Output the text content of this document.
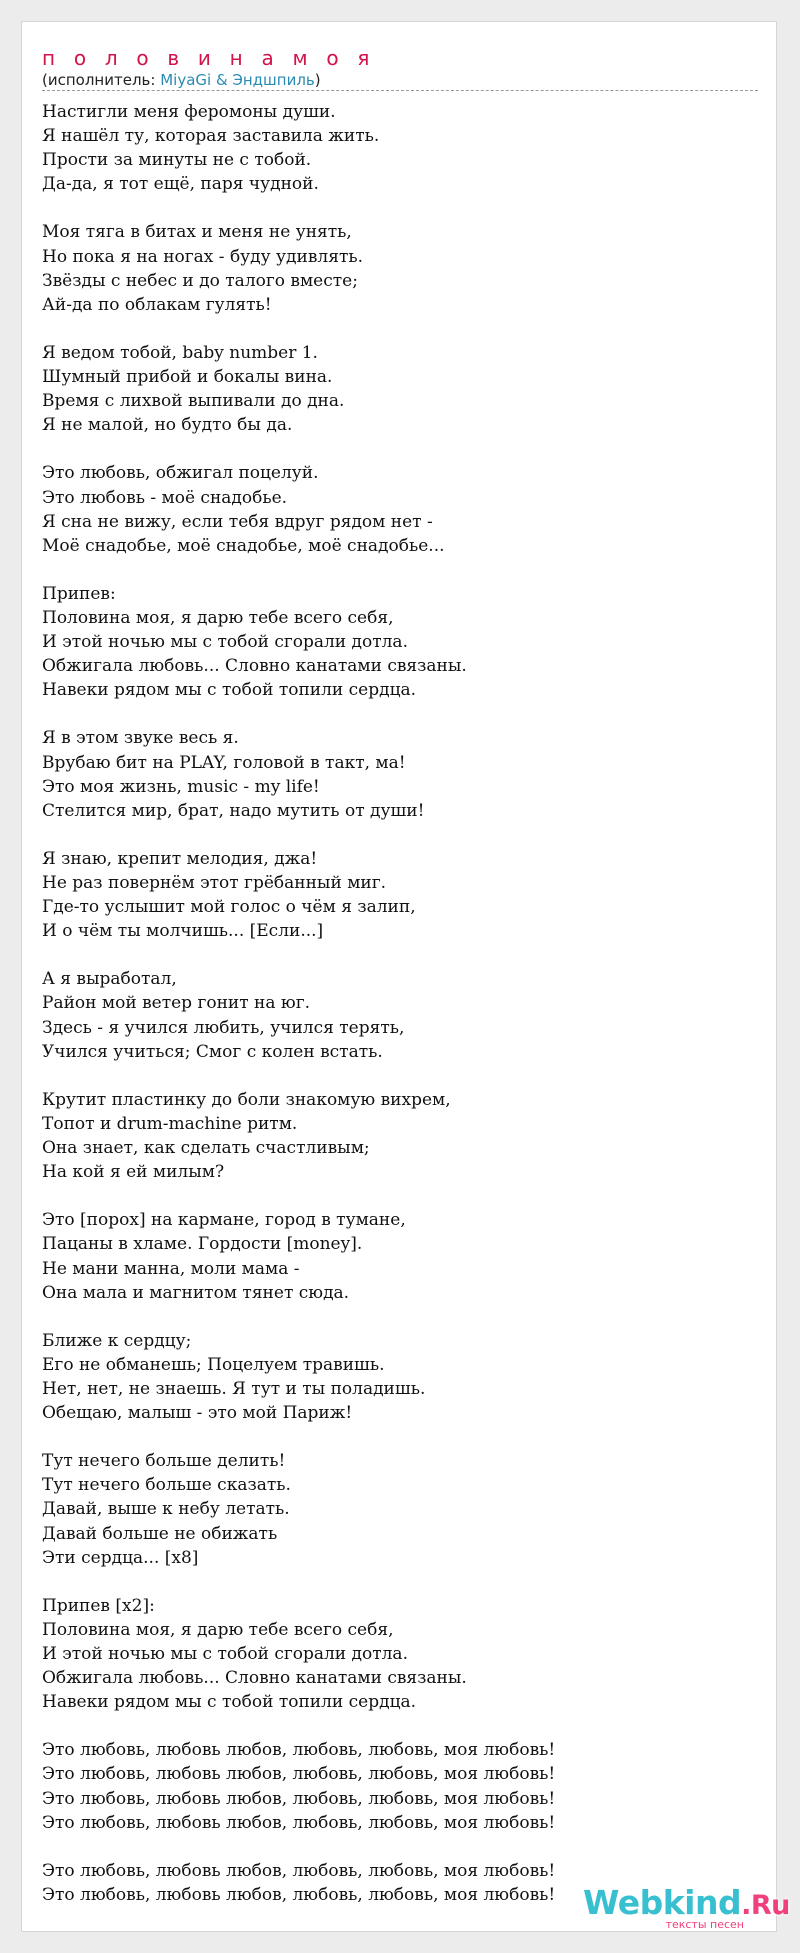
п о л о в и н а м о я
(исполнитель: MiyaGi & Эндшпиль)
Настигли меня феромоны души.
Я нашёл ту, которая заставила жить.
Прости за минуты не с тобой.
Да-да, я тот ещё, паря чудной.
Моя тяга в битах и меня не унять,
Но пока я на ногах - буду удивлять.
Звёзды с небес и до талого вместе;
Ай-да по облакам гулять!
Я ведом тобой, baby number 1.
Шумный прибой и бокалы вина.
Время с лихвой выпивали до дна.
Я не малой, но будто бы да.
Это любовь, обжигал поцелуй.
Это любовь - моё снадобье.
Я сна не вижу, если тебя вдруг рядом нет -
Моё снадобье, моё снадобье, моё снадобье...
Припев:
Половина моя, я дарю тебе всего себя,
И этой ночью мы с тобой сгорали дотла.
Обжигала любовь... Словно канатами связаны.
Навеки рядом мы с тобой топили сердца.
Я в этом звуке весь я.
Врубаю бит на PLAY, головой в такт, ма!
Это моя жизнь, music - my life!
Стелится мир, брат, надо мутить от души!
Я знаю, крепит мелодия, джа!
Не раз повернём этот грёбанный миг.
Где-то услышит мой голос о чём я залип,
И о чём ты молчишь... [Если...]
А я выработал,
Район мой ветер гонит на юг.
Здесь - я учился любить, учился терять,
Учился учиться; Смог с колен встать.
Крутит пластинку до боли знакомую вихрем,
Топот и drum-machine ритм.
Она знает, как сделать счастливым;
На кой я ей милым?
Это [порох] на кармане, город в тумане,
Пацаны в хламе. Гордости [money].
Не мани манна, моли мама -
Она мала и магнитом тянет сюда.
Ближе к сердцу;
Его не обманешь; Поцелуем травишь.
Нет, нет, не знаешь. Я тут и ты поладишь.
Обещаю, малыш - это мой Париж!
Тут нечего больше делить!
Тут нечего больше сказать.
Давай, выше к небу летать.
Давай больше не обижать
Эти сердца... [x8]
Припев [x2]:
Половина моя, я дарю тебе всего себя,
И этой ночью мы с тобой сгорали дотла.
Обжигала любовь... Словно канатами связаны.
Навеки рядом мы с тобой топили сердца.
Это любовь, любовь любов, любовь, любовь, моя любовь!
Это любовь, любовь любов, любовь, любовь, моя любовь!
Это любовь, любовь любов, любовь, любовь, моя любовь!
Это любовь, любовь любов, любовь, любовь, моя любовь!
Это любовь, любовь любов, любовь, любовь, моя любовь!
Это любовь, любовь любов, любовь, любовь, моя любовь! Webkind.Ru
тексты песен
